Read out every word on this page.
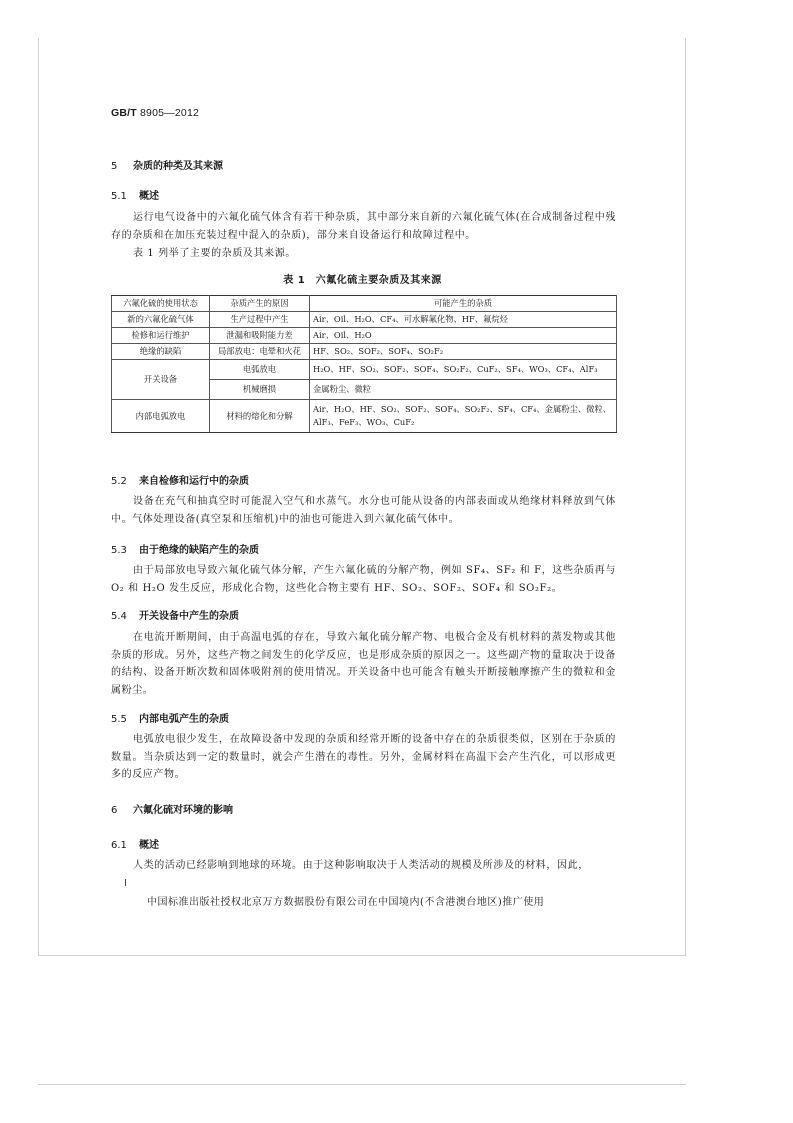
GB/T 8905—2012
5 杂质的种类及其来源
5.1 概述
运行电气设备中的六氟化硫气体含有若干种杂质，其中部分来自新的六氟化硫气体(在合成制备过程中残存的杂质和在加压充装过程中混入的杂质)，部分来自设备运行和故障过程中。
表 1 列举了主要的杂质及其来源。
表 1　六氟化硫主要杂质及其来源
六氟化硫的使用状态	杂质产生的原因	可能产生的杂质
新的六氟化硫气体	生产过程中产生	Air、Oil、H₂O、CF₄、可水解氟化物、HF、氟烷烃
检修和运行维护	泄漏和吸附能力差	Air、Oil、H₂O
绝缘的缺陷	局部放电：电晕和火花	HF、SO₂、SOF₂、SOF₄、SO₂F₂
开关设备	电弧放电	H₂O、HF、SO₂、SOF₂、SOF₄、SO₂F₂、CuF₂、SF₄、WO₃、CF₄、AlF₃
	机械磨损	金属粉尘、微粒
内部电弧放电	材料的熔化和分解	Air、H₂O、HF、SO₂、SOF₂、SOF₄、SO₂F₂、SF₄、CF₄、金属粉尘、微粒、AlF₃、FeF₃、WO₃、CuF₂
5.2 来自检修和运行中的杂质
设备在充气和抽真空时可能混入空气和水蒸气。水分也可能从设备的内部表面或从绝缘材料释放到气体中。气体处理设备(真空泵和压缩机)中的油也可能进入到六氟化硫气体中。
5.3 由于绝缘的缺陷产生的杂质
由于局部放电导致六氟化硫气体分解，产生六氟化硫的分解产物，例如 SF₄、SF₂ 和 F，这些杂质再与 O₂ 和 H₂O 发生反应，形成化合物，这些化合物主要有 HF、SO₂、SOF₂、SOF₄ 和 SO₂F₂。
5.4 开关设备中产生的杂质
在电流开断期间，由于高温电弧的存在，导致六氟化硫分解产物、电极合金及有机材料的蒸发物或其他杂质的形成。另外，这些产物之间发生的化学反应，也是形成杂质的原因之一。这些副产物的量取决于设备的结构、设备开断次数和固体吸附剂的使用情况。开关设备中也可能含有触头开断接触摩擦产生的微粒和金属粉尘。
5.5 内部电弧产生的杂质
电弧放电很少发生，在故障设备中发现的杂质和经常开断的设备中存在的杂质很类似，区别在于杂质的数量。当杂质达到一定的数量时，就会产生潜在的毒性。另外，金属材料在高温下会产生汽化，可以形成更多的反应产物。
6 六氟化硫对环境的影响
6.1 概述
人类的活动已经影响到地球的环境。由于这种影响取决于人类活动的规模及所涉及的材料，因此，
中国标准出版社授权北京万方数据股份有限公司在中国境内(不含港澳台地区)推广使用
